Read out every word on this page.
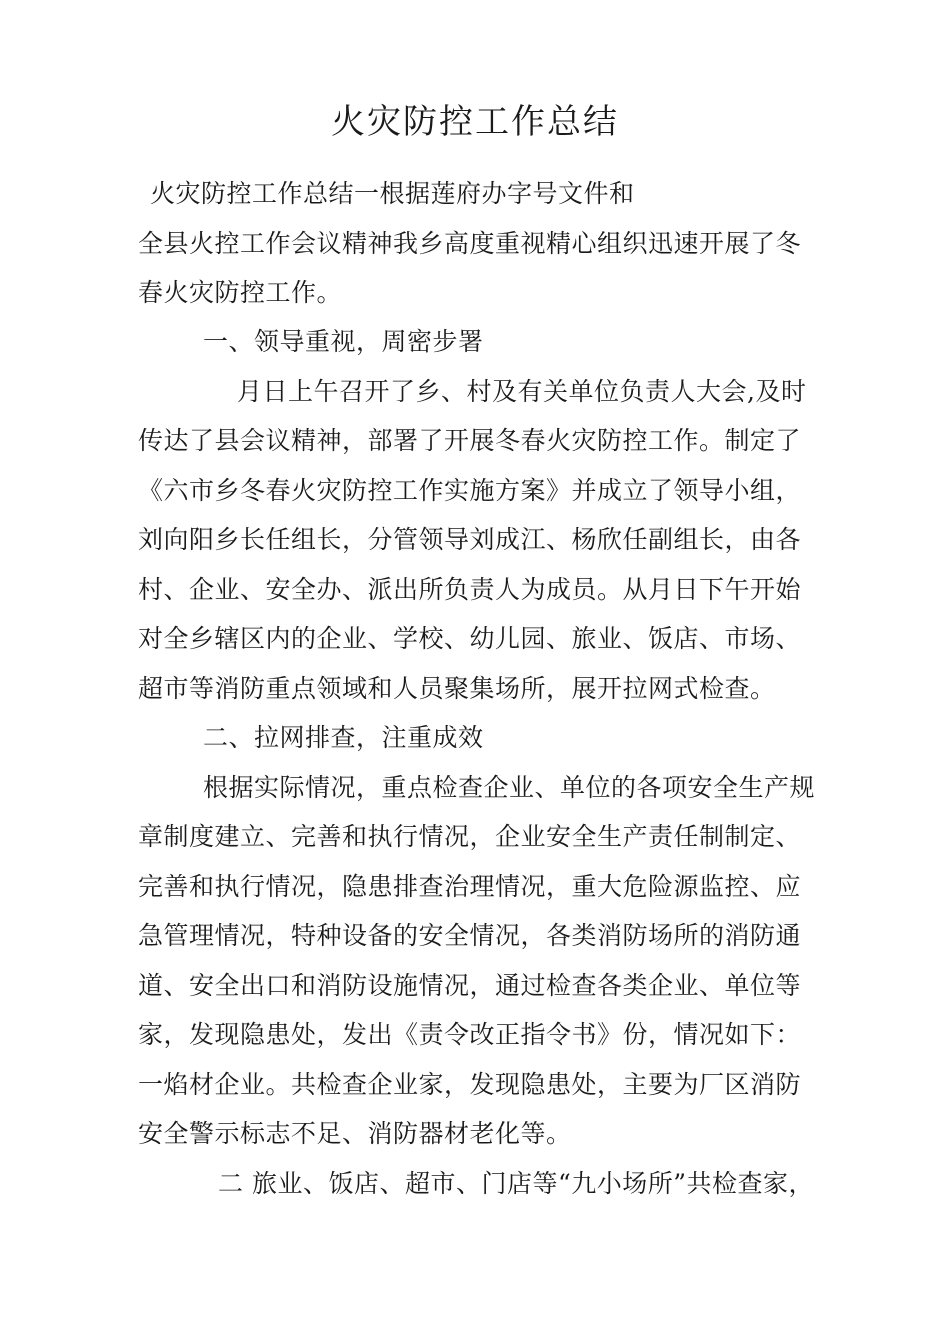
火灾防控工作总结
火灾防控工作总结一根据莲府办字号文件和
全县火控工作会议精神我乡高度重视精心组织迅速开展了冬
春火灾防控工作。
一、领导重视，周密步署
月日上午召开了乡、村及有关单位负责人大会,及时
传达了县会议精神，部署了开展冬春火灾防控工作。制定了
《六市乡冬春火灾防控工作实施方案》并成立了领导小组，
刘向阳乡长任组长，分管领导刘成江、杨欣任副组长，由各
村、企业、安全办、派出所负责人为成员。从月日下午开始
对全乡辖区内的企业、学校、幼儿园、旅业、饭店、市场、
超市等消防重点领域和人员聚集场所，展开拉网式检查。
二、拉网排查，注重成效
根据实际情况，重点检查企业、单位的各项安全生产规
章制度建立、完善和执行情况，企业安全生产责任制制定、
完善和执行情况，隐患排查治理情况，重大危险源监控、应
急管理情况，特种设备的安全情况，各类消防场所的消防通
道、安全出口和消防设施情况，通过检查各类企业、单位等
家，发现隐患处，发出《责令改正指令书》份，情况如下：
一焰材企业。共检查企业家，发现隐患处，主要为厂区消防
安全警示标志不足、消防器材老化等。
二 旅业、饭店、超市、门店等“九小场所”共检查家，
